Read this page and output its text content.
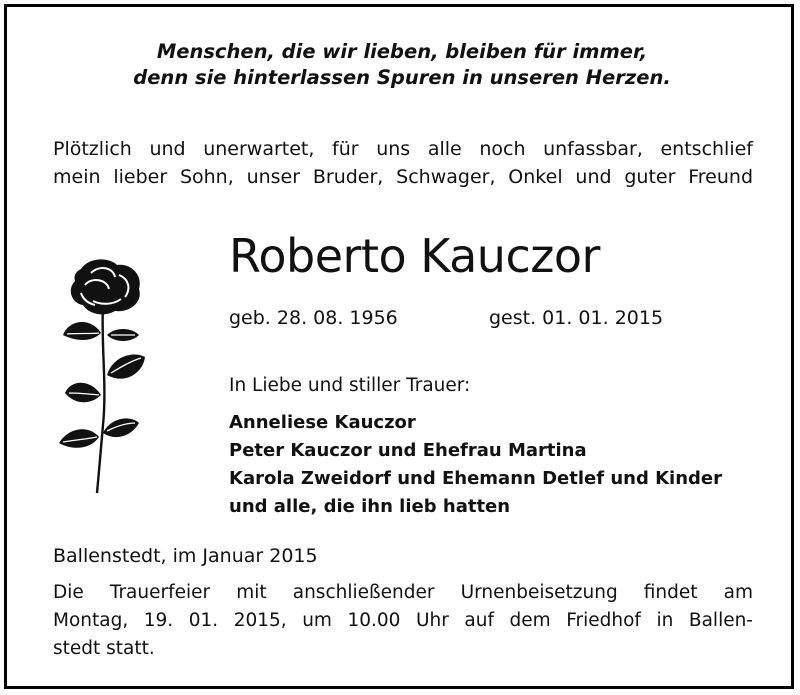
Menschen, die wir lieben, bleiben für immer,
denn sie hinterlassen Spuren in unseren Herzen.
Plötzlich und unerwartet, für uns alle noch unfassbar, entschlief
mein lieber Sohn, unser Bruder, Schwager, Onkel und guter Freund
Roberto Kauczor
geb. 28. 08. 1956	gest. 01. 01. 2015
In Liebe und stiller Trauer:
Anneliese Kauczor
Peter Kauczor und Ehefrau Martina
Karola Zweidorf und Ehemann Detlef und Kinder
und alle, die ihn lieb hatten
Ballenstedt, im Januar 2015
Die Trauerfeier mit anschließender Urnenbeisetzung findet am
Montag, 19. 01. 2015, um 10.00 Uhr auf dem Friedhof in Ballen-
stedt statt.
